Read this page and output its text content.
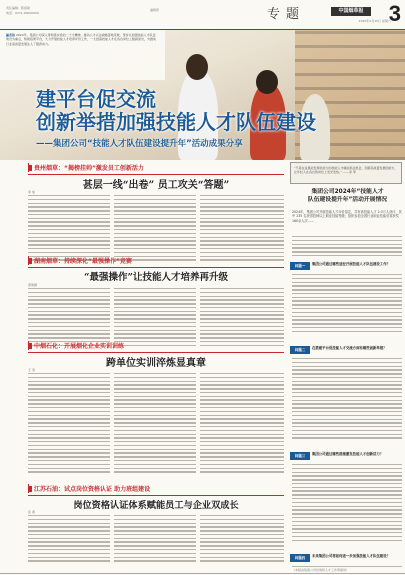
责任编辑：陈祖敏
电话：0371-00000000
编辑部	专题	中国烟草报
2025年2月15日 星期六
3
编者按 2024年，集团公司深入贯彻落实党的二十大精神，推动人才兴企战略落地见效，坚持以加强技能人才队伍建设为重点，积极搭建平台，大力开展技能人才培养评价工作，一大批高技能人才在各自岗位上脱颖而出，为推动行业高质量发展注入了强劲动力。
建平台促交流
创新举措加强技能人才队伍建设
——集团公司“技能人才队伍建设提升年”活动成果分享
贵州烟草：“揭榜挂帅”激发员工创新活力
甚层一线“出卷” 员工攻关“答题”
李 成
湖南烟草：持续深化“最强操作”竞赛
“最强操作”让技能人才培养再升级
邵建国
中烟石化：开展烟化企业实训训练
跨单位实训淬炼显真章
王 涛
江苏石油：试点岗位资格认证 助力班组建设
岗位资格认证体系赋能员工与企业双成长
张 燕
“不是在这里能发挥好能力的技能人才就能抓住机会，创新高质量发展的能力，让年轻人在各自的岗位上发光发热。” ——李 军
集团公司2024年“技能人才
队伍建设提升年”活动开展情况
2024年，集团公司开展技能人才评价鉴定，共有高技能人才 2.0万人获评，其中 235 名获得技师以上职业技能等级；组织参加全国行业职业技能竞赛获奖 160余人次……
问题一	集团公司通过哪些途径开展技能人才队伍建设工作？
问题二	在搭建平台促技能人才交流方面有哪些创新举措？
问题三	集团公司通过哪些措施激发技能人才创新活力？
问题四	未来集团公司将如何进一步加强技能人才队伍建设？
（本版由集团公司党建和人才工作部提供）
